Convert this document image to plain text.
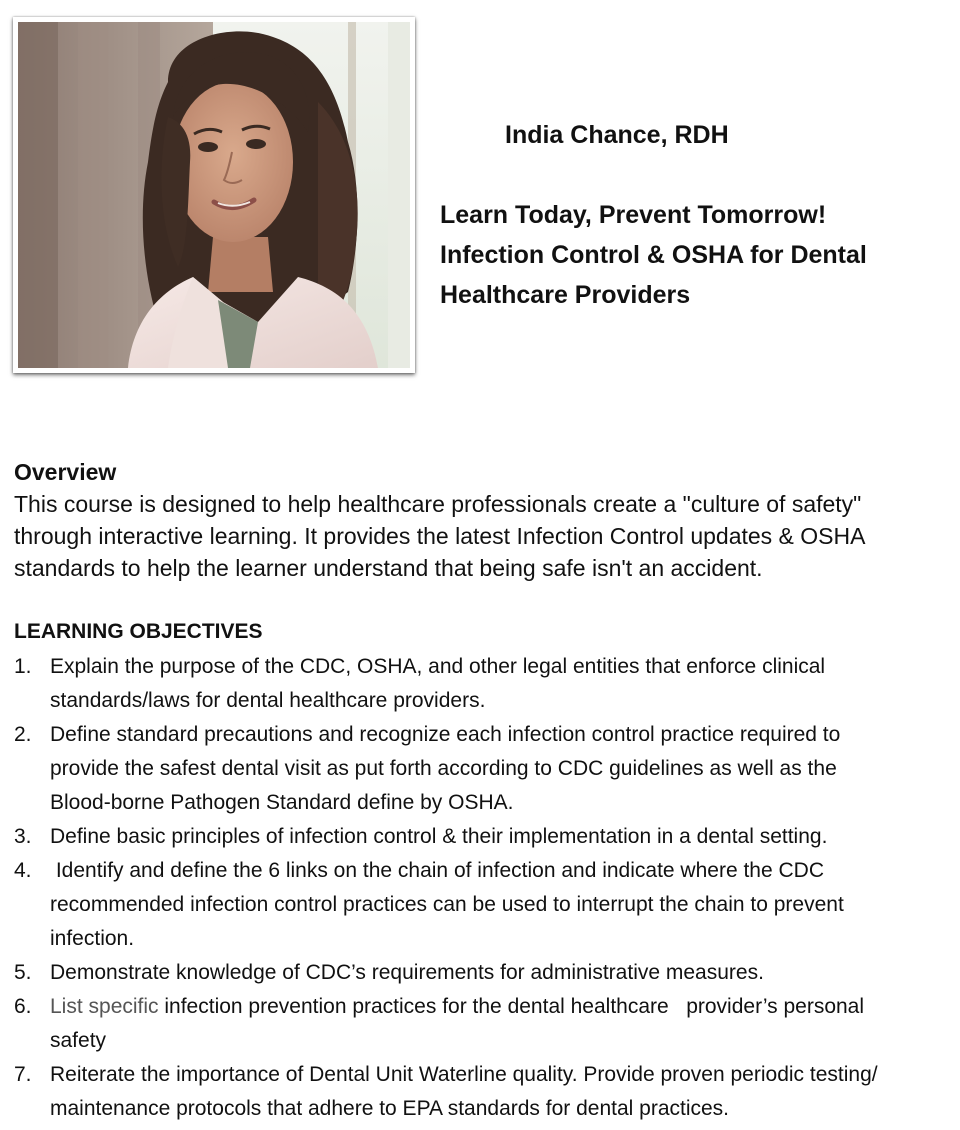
India Chance, RDH
Learn Today, Prevent Tomorrow!
Infection Control & OSHA for Dental
Healthcare Providers
Overview
This course is designed to help healthcare professionals create a "culture of safety"
through interactive learning. It provides the latest Infection Control updates & OSHA
standards to help the learner understand that being safe isn't an accident.
LEARNING OBJECTIVES
1. Explain the purpose of the CDC, OSHA, and other legal entities that enforce clinical
standards/laws for dental healthcare providers.
2. Define standard precautions and recognize each infection control practice required to
provide the safest dental visit as put forth according to CDC guidelines as well as the
Blood-borne Pathogen Standard define by OSHA.
3. Define basic principles of infection control & their implementation in a dental setting.
4. Identify and define the 6 links on the chain of infection and indicate where the CDC
recommended infection control practices can be used to interrupt the chain to prevent
infection.
5. Demonstrate knowledge of CDC’s requirements for administrative measures.
6. List specific infection prevention practices for the dental healthcare   provider’s personal
safety
7. Reiterate the importance of Dental Unit Waterline quality. Provide proven periodic testing/
maintenance protocols that adhere to EPA standards for dental practices.
